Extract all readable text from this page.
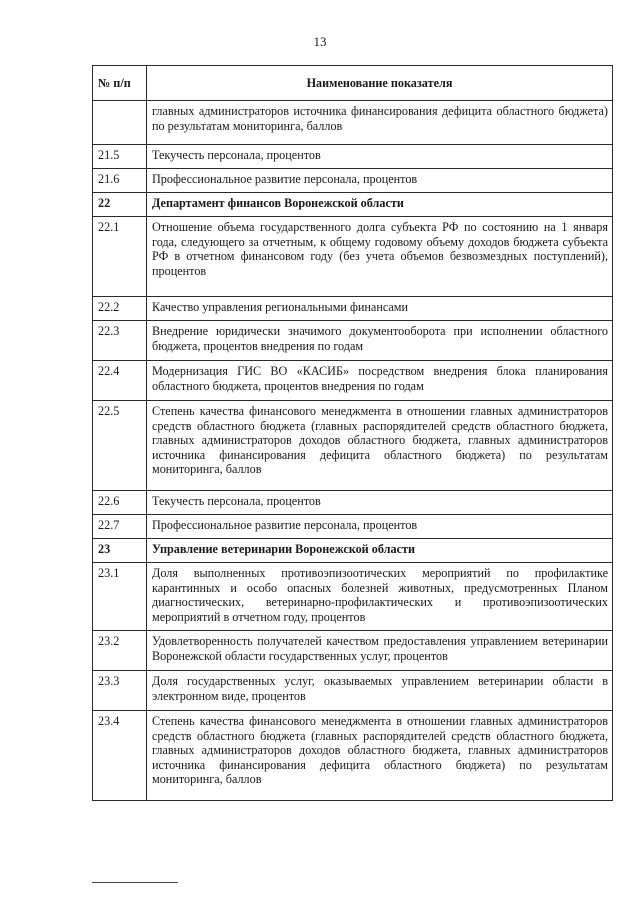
13
№ п/п	Наименование показателя
	главных администраторов источника финансирования дефицита областного бюджета) по результатам мониторинга, баллов
21.5	Текучесть персонала, процентов
21.6	Профессиональное развитие персонала, процентов
22	Департамент финансов Воронежской области
22.1	Отношение объема государственного долга субъекта РФ по состоянию на 1 января года, следующего за отчетным, к общему годовому объему доходов бюджета субъекта РФ в отчетном финансовом году (без учета объемов безвозмездных поступлений), процентов
22.2	Качество управления региональными финансами
22.3	Внедрение юридически значимого документооборота при исполнении областного бюджета, процентов внедрения по годам
22.4	Модернизация ГИС ВО «КАСИБ» посредством внедрения блока планирования областного бюджета, процентов внедрения по годам
22.5	Степень качества финансового менеджмента в отношении главных администраторов средств областного бюджета (главных распорядителей средств областного бюджета, главных администраторов доходов областного бюджета, главных администраторов источника финансирования дефицита областного бюджета) по результатам мониторинга, баллов
22.6	Текучесть персонала, процентов
22.7	Профессиональное развитие персонала, процентов
23	Управление ветеринарии Воронежской области
23.1	Доля выполненных противоэпизоотических мероприятий по профилактике карантинных и особо опасных болезней животных, предусмотренных Планом диагностических, ветеринарно-профилактических и противоэпизоотических мероприятий в отчетном году, процентов
23.2	Удовлетворенность получателей качеством предоставления управлением ветеринарии Воронежской области государственных услуг, процентов
23.3	Доля государственных услуг, оказываемых управлением ветеринарии области в электронном виде, процентов
23.4	Степень качества финансового менеджмента в отношении главных администраторов средств областного бюджета (главных распорядителей средств областного бюджета, главных администраторов доходов областного бюджета, главных администраторов источника финансирования дефицита областного бюджета) по результатам мониторинга, баллов
